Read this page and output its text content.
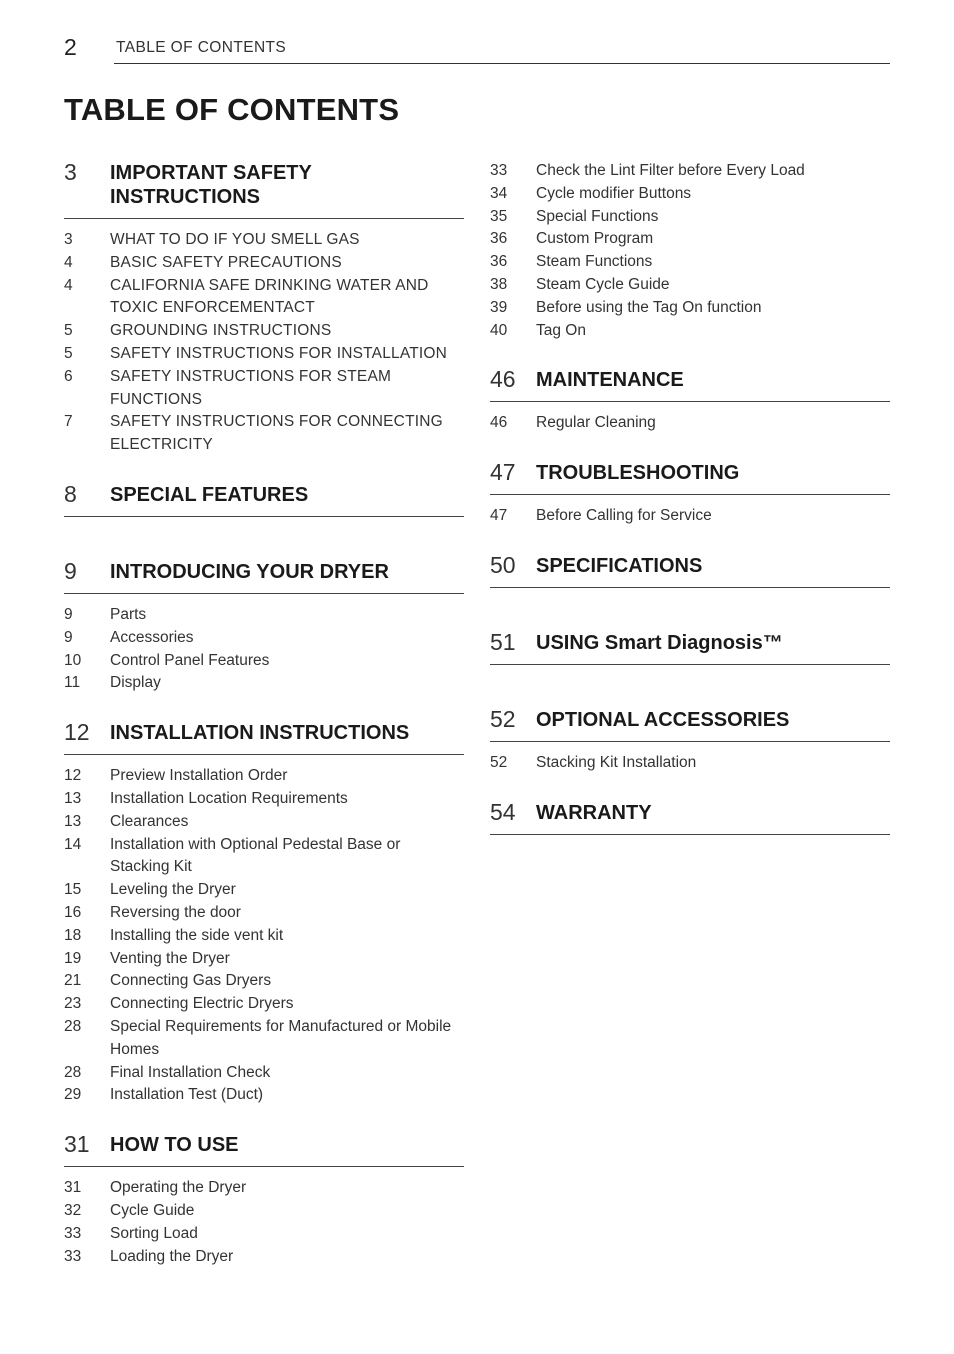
2	TABLE OF CONTENTS
TABLE OF CONTENTS
3	IMPORTANT SAFETY INSTRUCTIONS
3	WHAT TO DO IF YOU SMELL GAS
4	BASIC SAFETY PRECAUTIONS
4	CALIFORNIA SAFE DRINKING WATER AND TOXIC ENFORCEMENTACT
5	GROUNDING INSTRUCTIONS
5	SAFETY INSTRUCTIONS FOR INSTALLATION
6	SAFETY INSTRUCTIONS FOR STEAM FUNCTIONS
7	SAFETY INSTRUCTIONS FOR CONNECTING ELECTRICITY
8	SPECIAL FEATURES
9	INTRODUCING YOUR DRYER
9	Parts
9	Accessories
10	Control Panel Features
11	Display
12	INSTALLATION INSTRUCTIONS
12	Preview Installation Order
13	Installation Location Requirements
13	Clearances
14	Installation with Optional Pedestal Base or Stacking Kit
15	Leveling the Dryer
16	Reversing the door
18	Installing the side vent kit
19	Venting the Dryer
21	Connecting Gas Dryers
23	Connecting Electric Dryers
28	Special Requirements for Manufactured or Mobile Homes
28	Final Installation Check
29	Installation Test (Duct)
31	HOW TO USE
31	Operating the Dryer
32	Cycle Guide
33	Sorting Load
33	Loading the Dryer
33	Check the Lint Filter before Every Load
34	Cycle modifier Buttons
35	Special Functions
36	Custom Program
36	Steam Functions
38	Steam Cycle Guide
39	Before using the Tag On function
40	Tag On
46	MAINTENANCE
46	Regular Cleaning
47	TROUBLESHOOTING
47	Before Calling for Service
50	SPECIFICATIONS
51	USING Smart Diagnosis™
52	OPTIONAL ACCESSORIES
52	Stacking Kit Installation
54	WARRANTY
